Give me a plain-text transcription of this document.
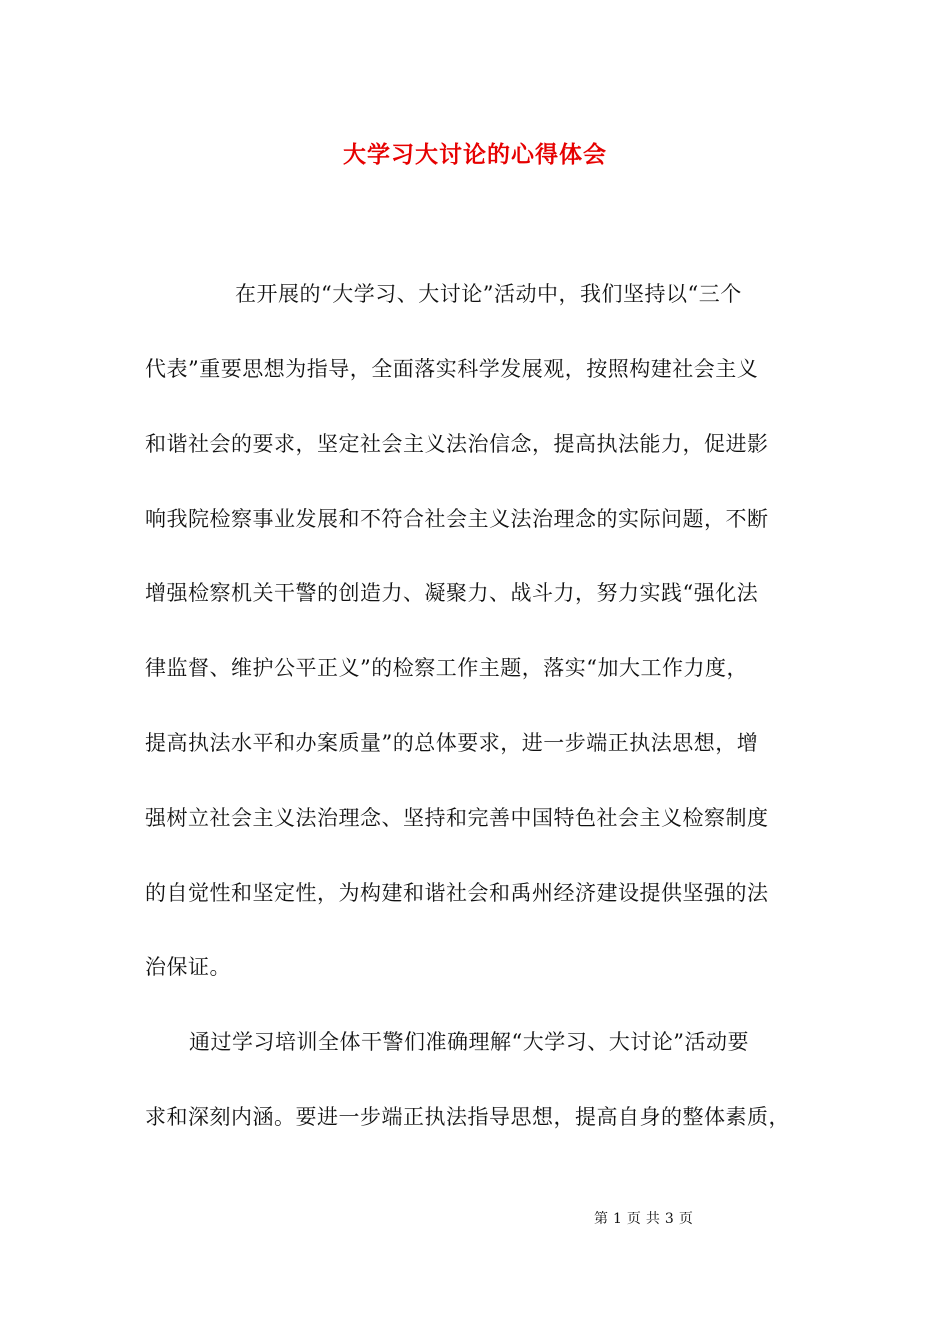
大学习大讨论的心得体会
在开展的“大学习、大讨论”活动中，我们坚持以“三个
代表”重要思想为指导，全面落实科学发展观，按照构建社会主义
和谐社会的要求，坚定社会主义法治信念，提高执法能力，促进影
响我院检察事业发展和不符合社会主义法治理念的实际问题，不断
增强检察机关干警的创造力、凝聚力、战斗力，努力实践“强化法
律监督、维护公平正义”的检察工作主题，落实“加大工作力度，
提高执法水平和办案质量”的总体要求，进一步端正执法思想，增
强树立社会主义法治理念、坚持和完善中国特色社会主义检察制度
的自觉性和坚定性，为构建和谐社会和禹州经济建设提供坚强的法
治保证。
通过学习培训全体干警们准确理解“大学习、大讨论”活动要
求和深刻内涵。要进一步端正执法指导思想，提高自身的整体素质，
第 1 页 共 3 页
